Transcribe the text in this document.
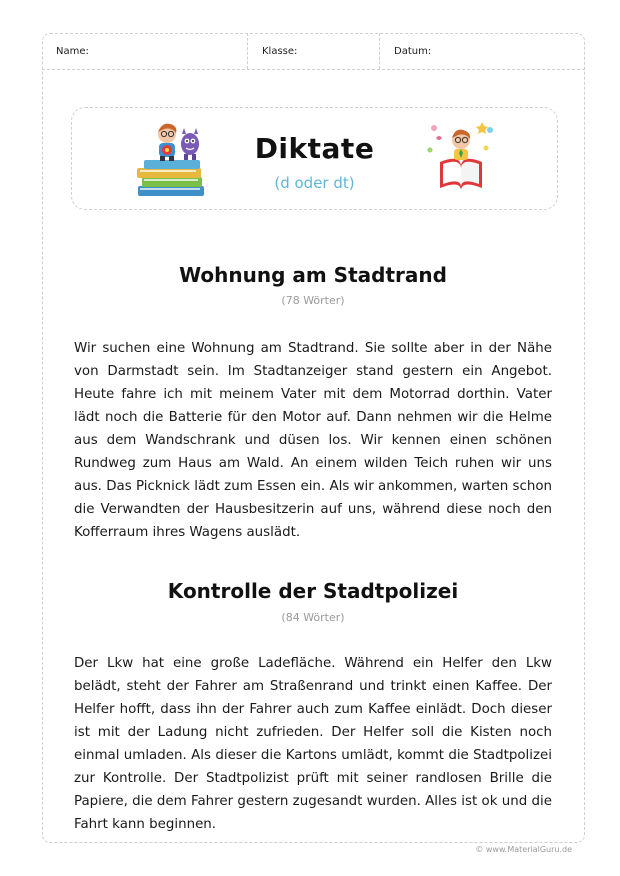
Name:	Klasse:	Datum:
Diktate
(d oder dt)
Wohnung am Stadtrand
(78 Wörter)
Wir suchen eine Wohnung am Stadtrand. Sie sollte aber in der Nähe von Darmstadt sein. Im Stadtanzeiger stand gestern ein Angebot. Heute fahre ich mit meinem Vater mit dem Motorrad dorthin. Vater lädt noch die Batterie für den Motor auf. Dann nehmen wir die Helme aus dem Wandschrank und düsen los. Wir kennen einen schönen Rundweg zum Haus am Wald. An einem wilden Teich ruhen wir uns aus. Das Picknick lädt zum Essen ein. Als wir ankommen, warten schon die Verwandten der Hausbesitzerin auf uns, während diese noch den Kofferraum ihres Wagens auslädt.
Kontrolle der Stadtpolizei
(84 Wörter)
Der Lkw hat eine große Ladefläche. Während ein Helfer den Lkw belädt, steht der Fahrer am Straßenrand und trinkt einen Kaffee. Der Helfer hofft, dass ihn der Fahrer auch zum Kaffee einlädt. Doch dieser ist mit der Ladung nicht zufrieden. Der Helfer soll die Kisten noch einmal umladen. Als dieser die Kartons umlädt, kommt die Stadtpolizei zur Kontrolle. Der Stadtpolizist prüft mit seiner randlosen Brille die Papiere, die dem Fahrer gestern zugesandt wurden. Alles ist ok und die Fahrt kann beginnen.
© www.MaterialGuru.de
